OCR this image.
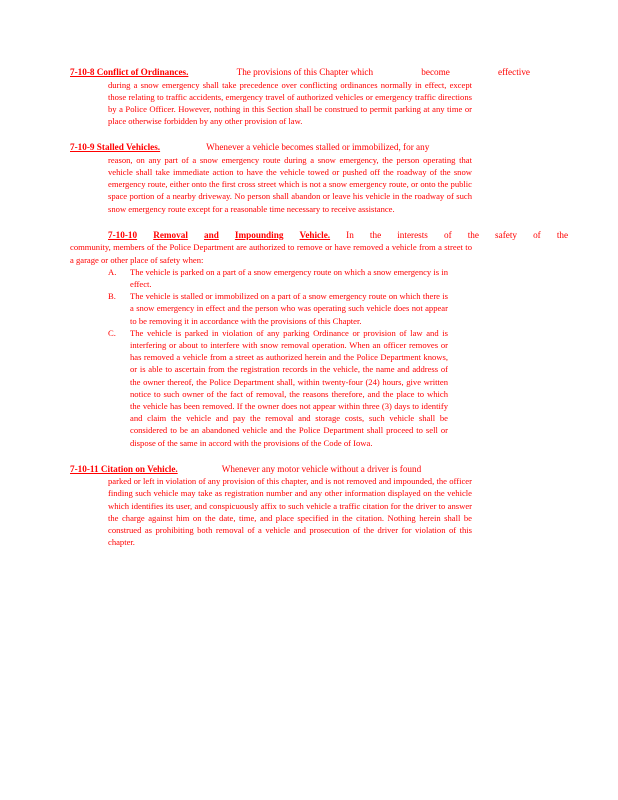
7-10-8 Conflict of Ordinances.
	The provisions of this Chapter which
	become
	effective

during a snow emergency shall take precedence over conflicting ordinances normally in effect, except those relating to traffic accidents, emergency travel of authorized vehicles or emergency traffic directions by a Police Officer. However, nothing in this Section shall be construed to permit parking at any time or place otherwise forbidden by any other provision of law.

7-10-9 Stalled Vehicles.	Whenever a vehicle becomes stalled or immobilized, for any

reason, on any part of a snow emergency route during a snow emergency, the person operating that vehicle shall take immediate action to have the vehicle towed or pushed off the roadway of the snow emergency route, either onto the first cross street which is not a snow emergency route, or onto the public space portion of a nearby driveway. No person shall abandon or leave his vehicle in the roadway of such snow emergency route except for a reasonable time necessary to receive assistance.

7-10-10
Removal
and
Impounding
Vehicle.
In
the
interests
of
the
safety
of
the

community, members of the Police Department are authorized to remove or have removed a vehicle from a street to a garage or other place of safety when:

A.	The vehicle is parked on a part of a snow emergency route on which a snow emergency is in effect.
B.	The vehicle is stalled or immobilized on a part of a snow emergency route on which there is a snow emergency in effect and the person who was operating such vehicle does not appear to be removing it in accordance with the provisions of this Chapter.
C.	The vehicle is parked in violation of any parking Ordinance or provision of law and is interfering or about to interfere with snow removal operation. When an officer removes or has removed a vehicle from a street as authorized herein and the Police Department knows, or is able to ascertain from the registration records in the vehicle, the name and address of the owner thereof, the Police Department shall, within twenty-four (24) hours, give written notice to such owner of the fact of removal, the reasons therefore, and the place to which the vehicle has been removed. If the owner does not appear within three (3) days to identify and claim the vehicle and pay the removal and storage costs, such vehicle shall be considered to be an abandoned vehicle and the Police Department shall proceed to sell or dispose of the same in accord with the provisions of the Code of Iowa.
7-10-11 Citation on Vehicle.	Whenever any motor vehicle without a driver is found

parked or left in violation of any provision of this chapter, and is not removed and impounded, the officer finding such vehicle may take as registration number and any other information displayed on the vehicle which identifies its user, and conspicuously affix to such vehicle a traffic citation for the driver to answer the charge against him on the date, time, and place specified in the citation. Nothing herein shall be construed as prohibiting both removal of a vehicle and prosecution of the driver for violation of this chapter.
